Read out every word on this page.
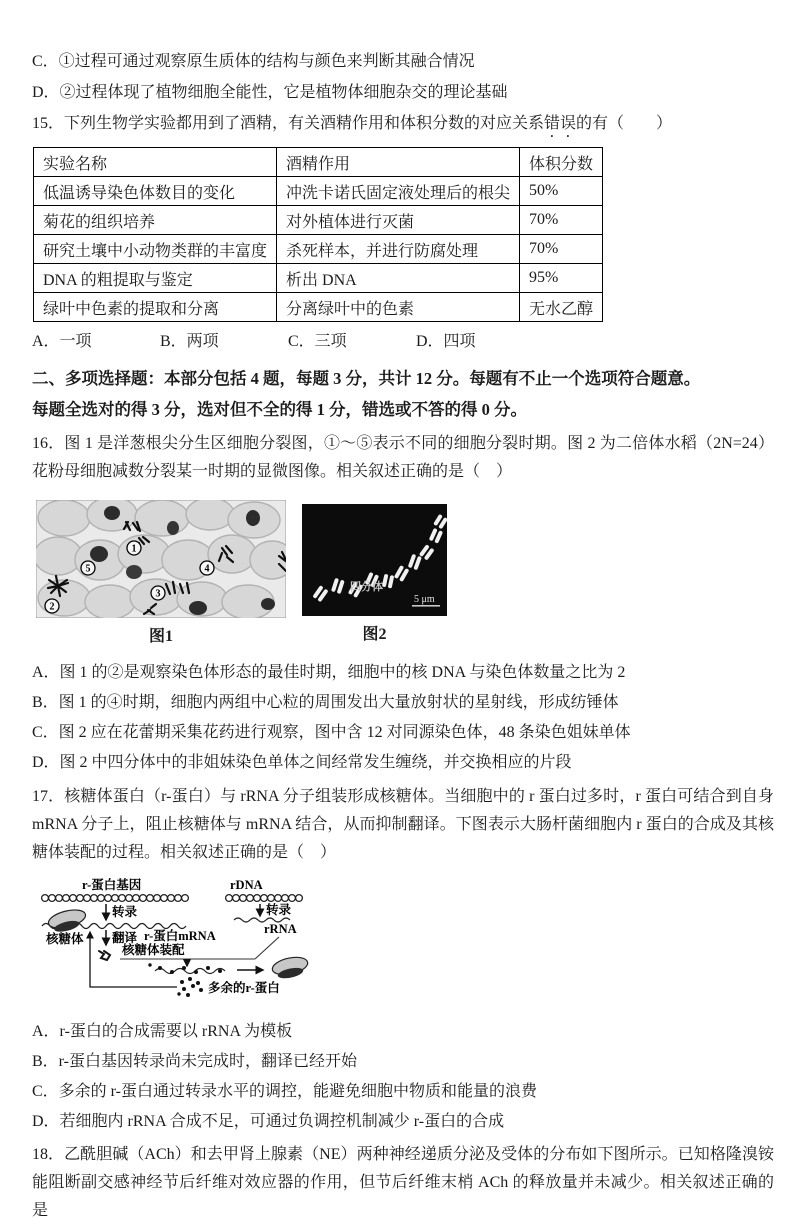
C．①过程可通过观察原生质体的结构与颜色来判断其融合情况

D．②过程体现了植物细胞全能性，它是植物体细胞杂交的理论基础

15．下列生物学实验都用到了酒精，有关酒精作用和体积分数的对应关系错误的有（　　）

实验名称	酒精作用	体积分数
低温诱导染色体数目的变化	冲洗卡诺氏固定液处理后的根尖	50%
菊花的组织培养	对外植体进行灭菌	70%
研究土壤中小动物类群的丰富度	杀死样本，并进行防腐处理	70%
DNA 的粗提取与鉴定	析出 DNA	95%
绿叶中色素的提取和分离	分离绿叶中的色素	无水乙醇
A．一项	B．两项	C．三项	D．四项

二、多项选择题：本部分包括 4 题，每题 3 分，共计 12 分。每题有不止一个选项符合题意。

每题全选对的得 3 分，选对但不全的得 1 分，错选或不答的得 0 分。

16．图 1 是洋葱根尖分生区细胞分裂图，①～⑤表示不同的细胞分裂时期。图 2 为二倍体水稻（2N=24）花粉母细胞减数分裂某一时期的显微图像。相关叙述正确的是（　）

1
2
3
4
5
图1
四分体
5 μm
图2

A．图 1 的②是观察染色体形态的最佳时期，细胞中的核 DNA 与染色体数量之比为 2

B．图 1 的④时期，细胞内两组中心粒的周围发出大量放射状的星射线，形成纺锤体

C．图 2 应在花蕾期采集花药进行观察，图中含 12 对同源染色体，48 条染色姐妹单体

D．图 2 中四分体中的非姐妹染色单体之间经常发生缠绕，并交换相应的片段

17．核糖体蛋白（r-蛋白）与 rRNA 分子组装形成核糖体。当细胞中的 r 蛋白过多时，r 蛋白可结合到自身 mRNA 分子上，阻止核糖体与 mRNA 结合，从而抑制翻译。下图表示大肠杆菌细胞内 r 蛋白的合成及其核糖体装配的过程。相关叙述正确的是（　）

r-蛋白基因
转录
核糖体 翻译 r-蛋白mRNA
核糖体装配
rDNA
转录
rRNA
多余的r-蛋白

A．r-蛋白的合成需要以 rRNA 为模板

B．r-蛋白基因转录尚未完成时，翻译已经开始

C．多余的 r-蛋白通过转录水平的调控，能避免细胞中物质和能量的浪费

D．若细胞内 rRNA 合成不足，可通过负调控机制减少 r-蛋白的合成

18．乙酰胆碱（ACh）和去甲肾上腺素（NE）两种神经递质分泌及受体的分布如下图所示。已知格隆溴铵能阻断副交感神经节后纤维对效应器的作用，但节后纤维末梢 ACh 的释放量并未减少。相关叙述正确的是
